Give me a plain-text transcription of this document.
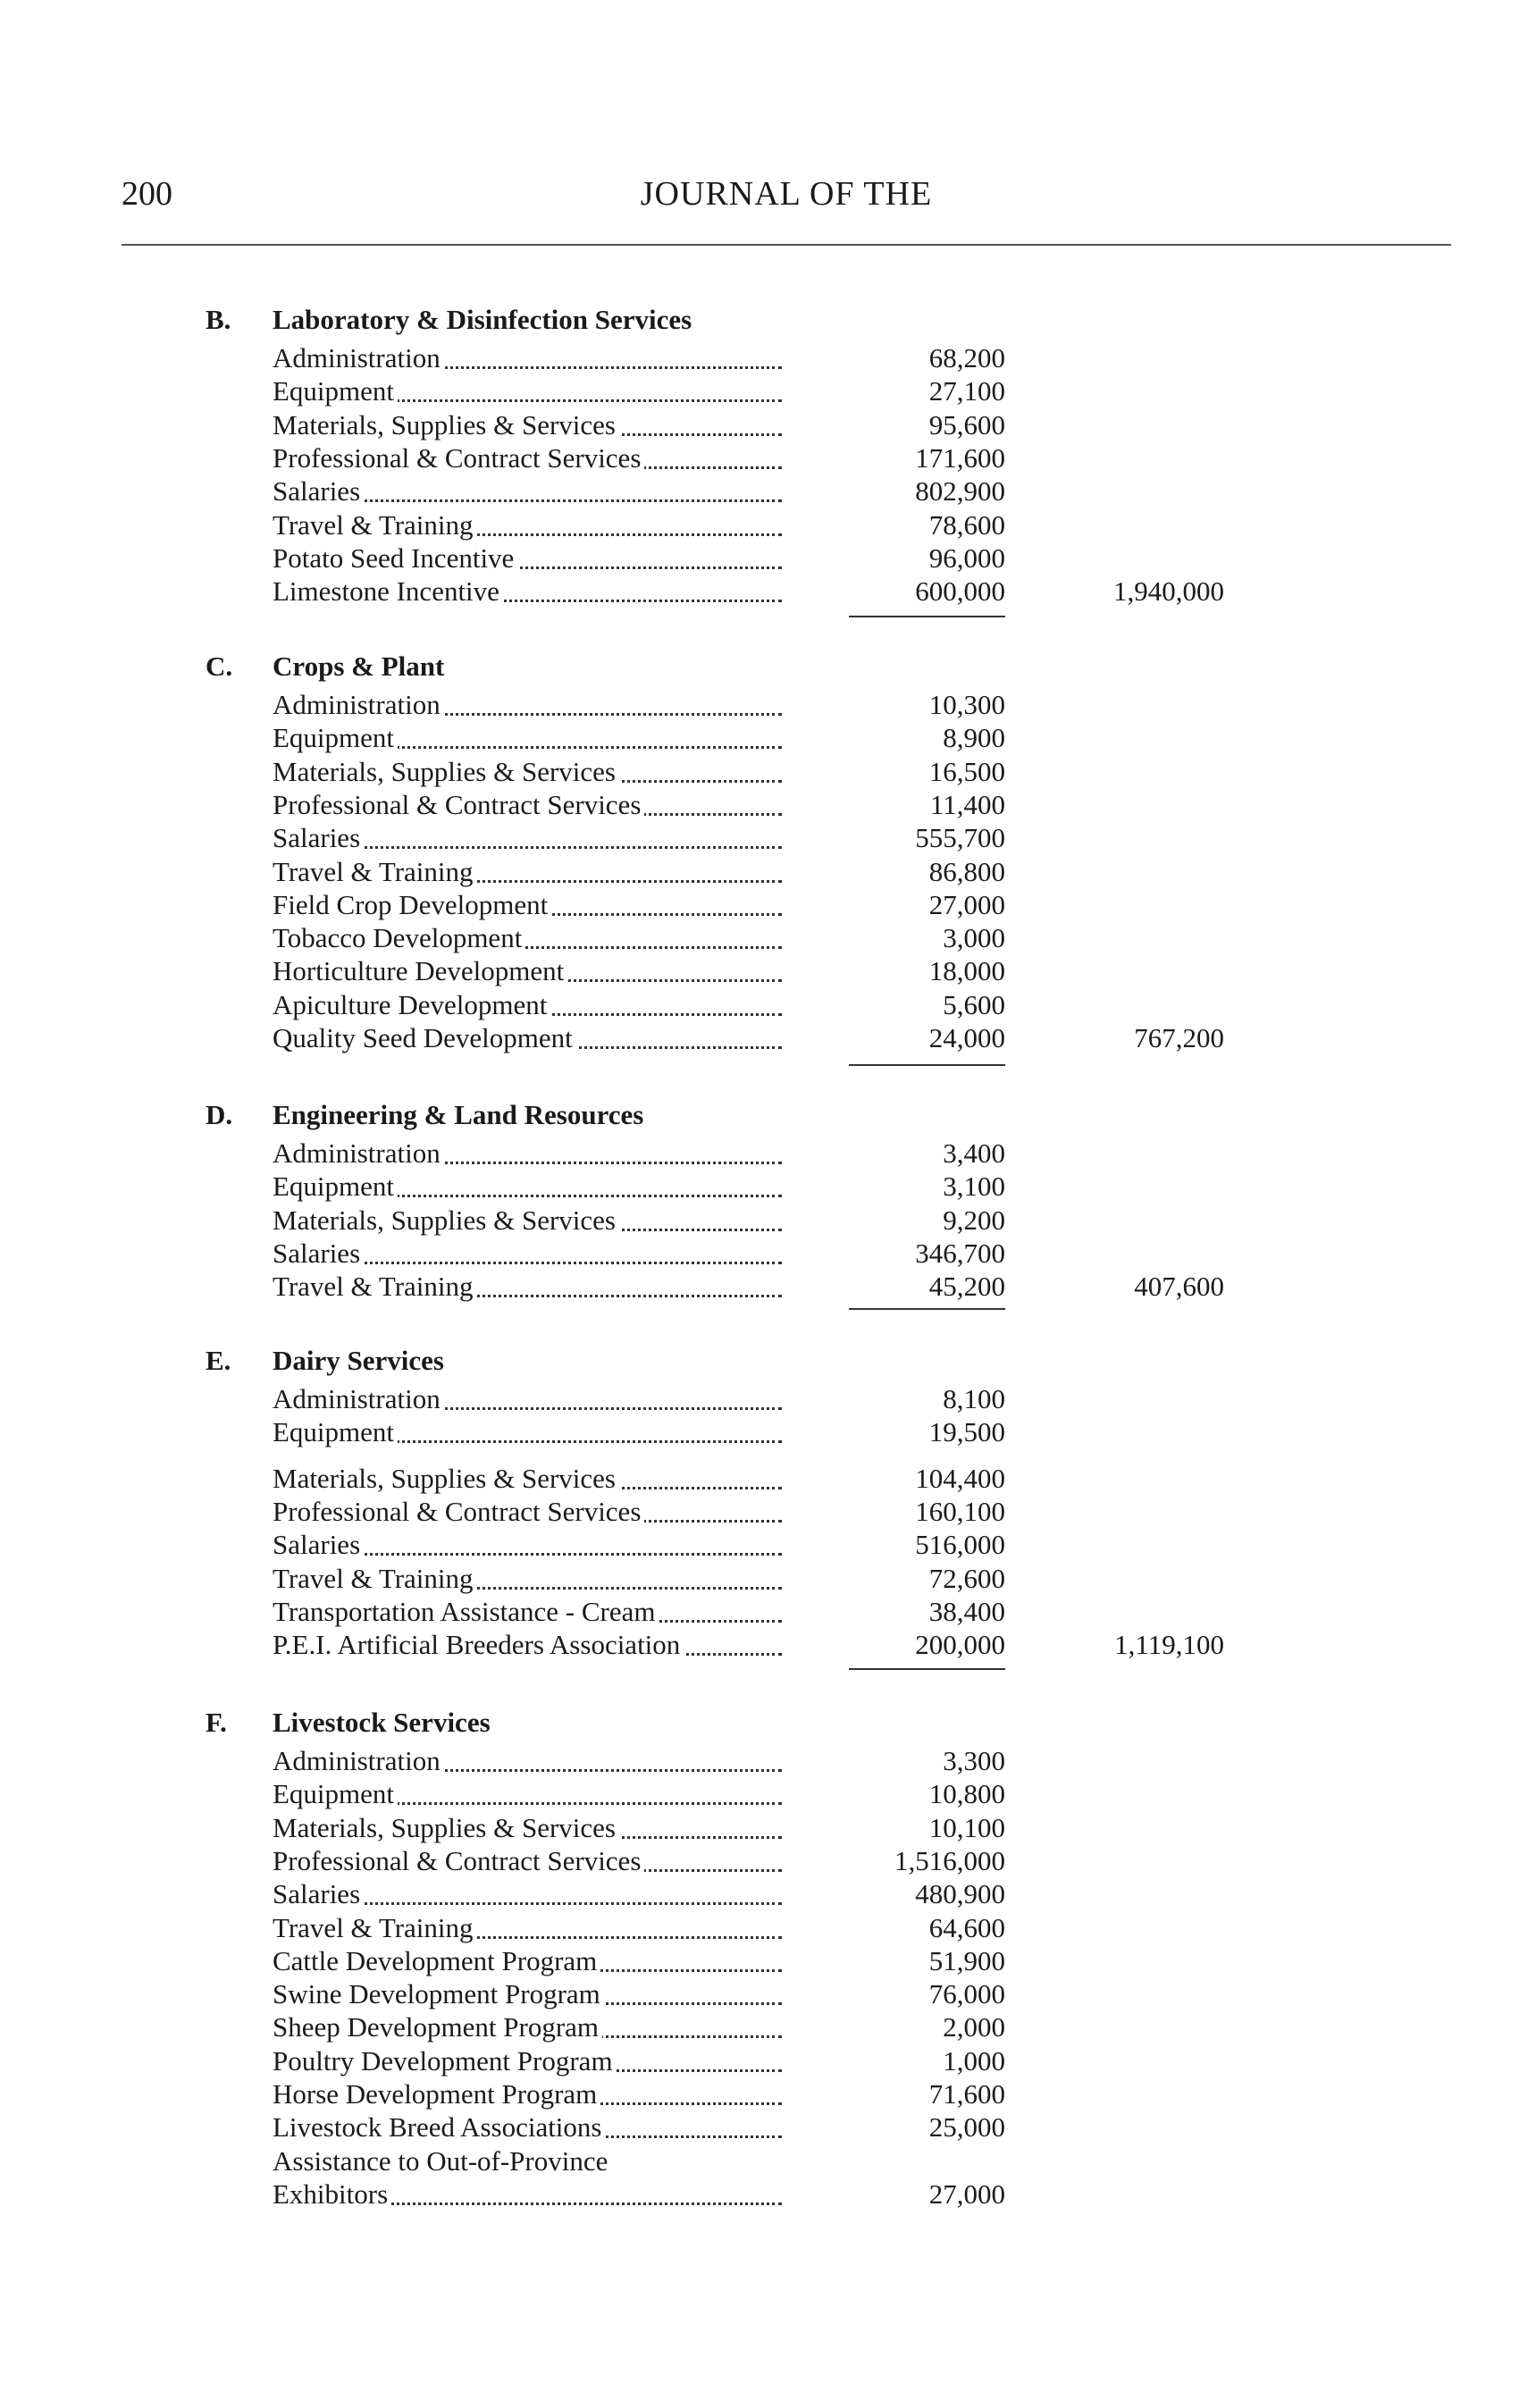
200	JOURNAL OF THE
B.	Laboratory & Disinfection Services
Administration	68,200
Equipment	27,100
Materials, Supplies & Services	95,600
Professional & Contract Services	171,600
Salaries	802,900
Travel & Training	78,600
Potato Seed Incentive	96,000
Limestone Incentive	600,000	1,940,000
C.	Crops & Plant
Administration	10,300
Equipment	8,900
Materials, Supplies & Services	16,500
Professional & Contract Services	11,400
Salaries	555,700
Travel & Training	86,800
Field Crop Development	27,000
Tobacco Development	3,000
Horticulture Development	18,000
Apiculture Development	5,600
Quality Seed Development	24,000	767,200
D.	Engineering & Land Resources
Administration	3,400
Equipment	3,100
Materials, Supplies & Services	9,200
Salaries	346,700
Travel & Training	45,200	407,600
E.	Dairy Services
Administration	8,100
Equipment	19,500
Materials, Supplies & Services	104,400
Professional & Contract Services	160,100
Salaries	516,000
Travel & Training	72,600
Transportation Assistance - Cream	38,400
P.E.I. Artificial Breeders Association	200,000	1,119,100
F.	Livestock Services
Administration	3,300
Equipment	10,800
Materials, Supplies & Services	10,100
Professional & Contract Services	1,516,000
Salaries	480,900
Travel & Training	64,600
Cattle Development Program	51,900
Swine Development Program	76,000
Sheep Development Program	2,000
Poultry Development Program	1,000
Horse Development Program	71,600
Livestock Breed Associations	25,000
Assistance to Out-of-Province
Exhibitors	27,000
